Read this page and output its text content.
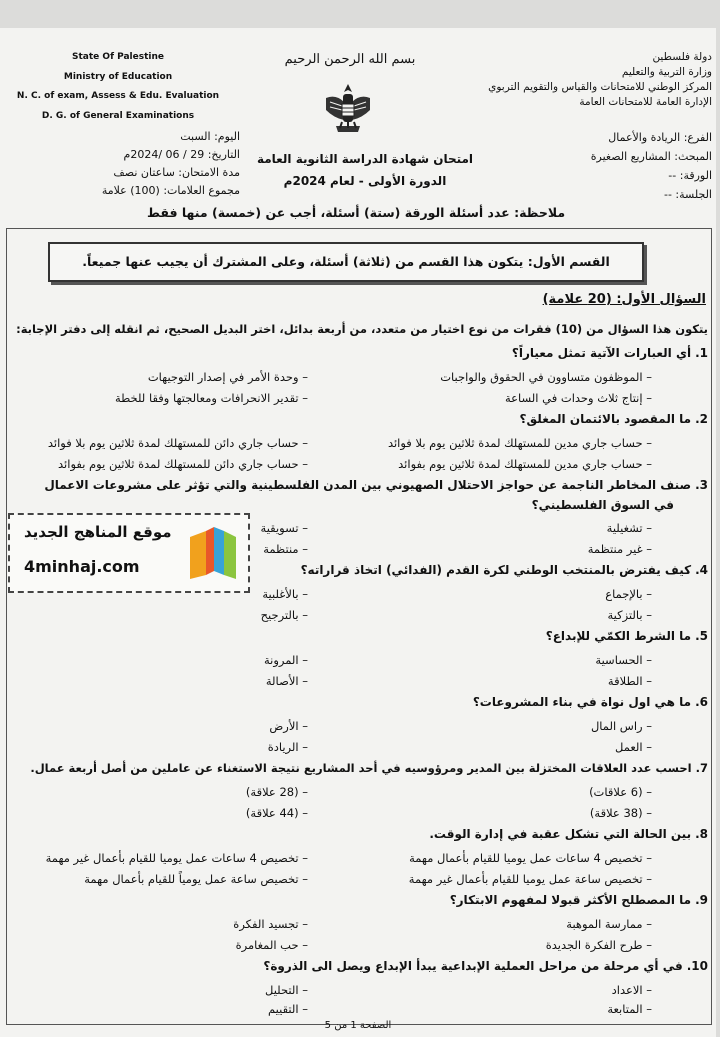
State Of Palestine
Ministry of Education
N. C. of exam, Assess & Edu. Evaluation
D. G. of General Examinations
بسم الله الرحمن الرحيم	دولة فلسطين
وزارة التربية والتعليم
المركز الوطني للامتحانات والقياس والتقويم التربوي
الإدارة العامة للامتحانات العامة
الفرع: الريادة والأعمال
المبحث: المشاريع الصغيرة
الورقة: --
الجلسة: --
امتحان شهادة الدراسة الثانوية العامة
الدورة الأولى - لعام 2024م
اليوم: السبت
التاريخ: 29 / 06 /2024م
مدة الامتحان: ساعتان نصف
مجموع العلامات: (100) علامة
ملاحظة: عدد أسئلة الورقة (ستة) أسئلة، أجب عن (خمسة) منها فقط
القسم الأول: يتكون هذا القسم من (ثلاثة) أسئلة، وعلى المشترك أن يجيب عنها جميعاً.
السؤال الأول: (20 علامة)
يتكون هذا السؤال من (10) فقرات من نوع اختيار من متعدد، من أربعة بدائل، اختر البديل الصحيح، ثم انقله إلى دفتر الإجابة:
1.أي العبارات الآتية تمثل معياراً؟
– الموظفون متساوون في الحقوق والواجبات
– وحدة الأمر في إصدار التوجيهات
– إنتاج ثلاث وحدات في الساعة
– تقدير الانحرافات ومعالجتها وفقا للخطة
2.ما المقصود بالائتمان المغلق؟
– حساب جاري مدين للمستهلك لمدة ثلاثين يوم بلا فوائد
– حساب جاري دائن للمستهلك لمدة ثلاثين يوم بلا فوائد
– حساب جاري مدين للمستهلك لمدة ثلاثين يوم بفوائد
– حساب جاري دائن للمستهلك لمدة ثلاثين يوم بفوائد
3.صنف المخاطر الناجمة عن حواجز الاحتلال الصهيوني بين المدن الفلسطينية والتي تؤثر على مشروعات الاعمال
في السوق الفلسطيني؟
– تشغيلية
– تسويقية
– غير منتظمة
– منتظمة
4.كيف يفترض بالمنتخب الوطني لكرة القدم (الفدائي) اتخاذ قراراته؟
– بالإجماع
– بالأغلبية
– بالتزكية
– بالترجيح
5.ما الشرط الكمّي للإبداع؟
– الحساسية
– المرونة
– الطلاقة
– الأصالة
6.ما هي اول نواة في بناء المشروعات؟
– راس المال
– الأرض
– العمل
– الريادة
7.احسب عدد العلاقات المختزلة بين المدير ومرؤوسيه في أحد المشاريع نتيجة الاستغناء عن عاملين من أصل أربعة عمال.
– (6 علاقات)
– (28 علاقة)
– (38 علاقة)
– (44 علاقة)
8.بين الحالة التي تشكل عقبة في إدارة الوقت.
– تخصيص 4 ساعات عمل يوميا للقيام بأعمال مهمة
– تخصيص 4 ساعات عمل يوميا للقيام بأعمال غير مهمة
– تخصيص ساعة عمل يوميا للقيام بأعمال غير مهمة
– تخصيص ساعة عمل يومياً للقيام بأعمال مهمة
9.ما المصطلح الأكثر قبولا لمفهوم الابتكار؟
– ممارسة الموهبة
– تجسيد الفكرة
– طرح الفكرة الجديدة
– حب المغامرة
10.في أي مرحلة من مراحل العملية الإبداعية يبدأ الإبداع ويصل الى الذروة؟
– الاعداد
– التحليل
– المتابعة
– التقييم
موقع المناهج الجديد
4minhaj.com
الصفحة 1 من 5
